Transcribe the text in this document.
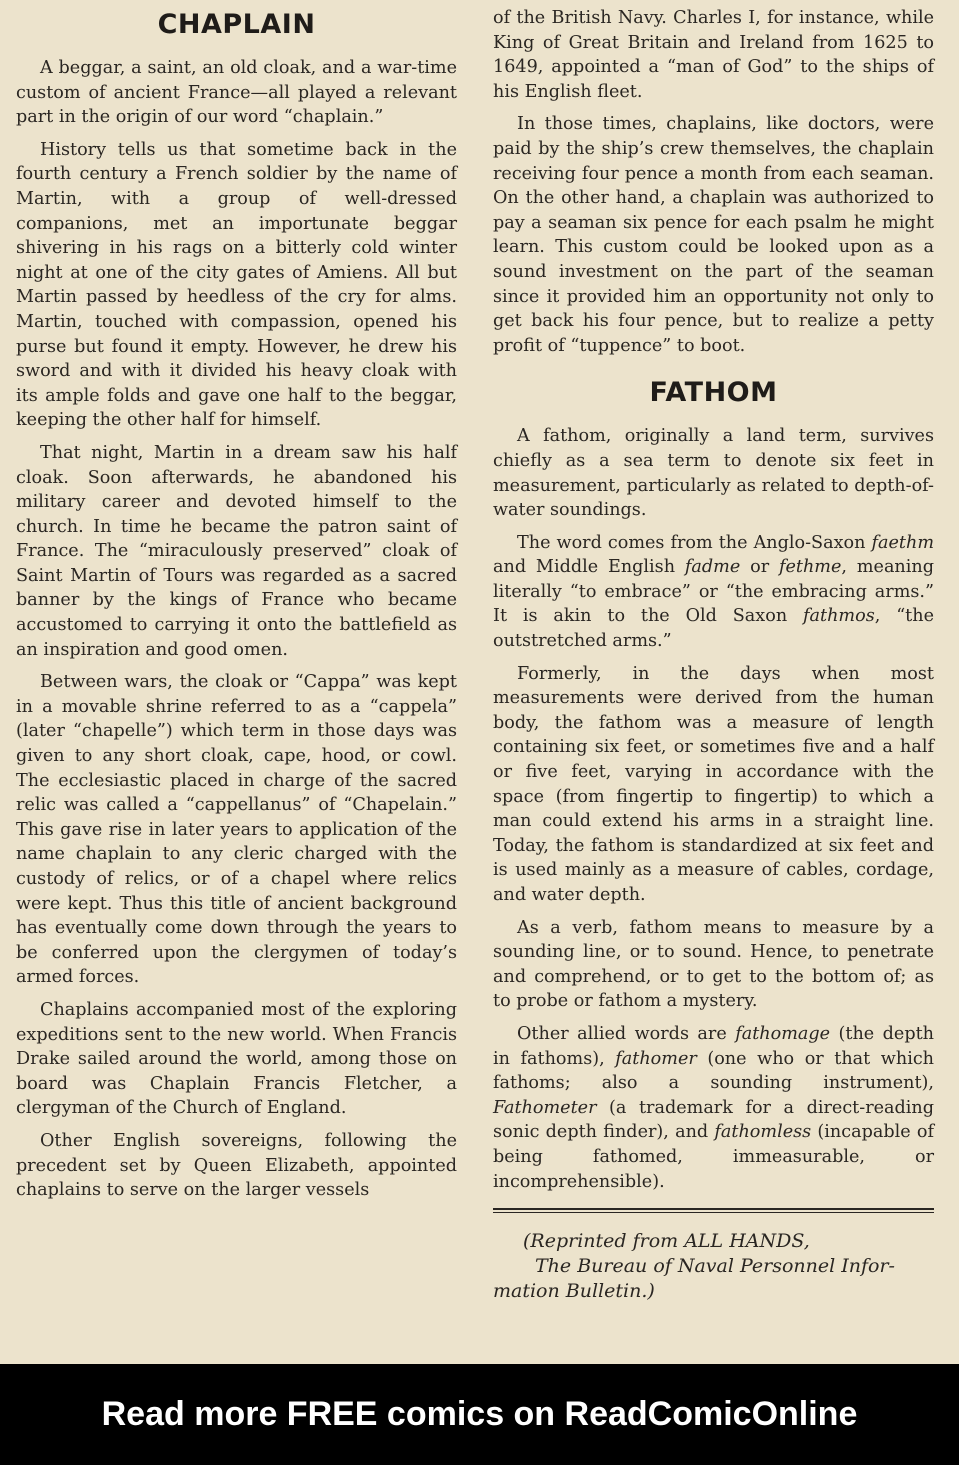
CHAPLAIN

A beggar, a saint, an old cloak, and a war-time custom of ancient France—all played a relevant part in the origin of our word “chaplain.”

History tells us that sometime back in the fourth century a French soldier by the name of Martin, with a group of well-dressed companions, met an importunate beggar shivering in his rags on a bitterly cold winter night at one of the city gates of Amiens. All but Martin passed by heedless of the cry for alms. Martin, touched with compassion, opened his purse but found it empty. However, he drew his sword and with it divided his heavy cloak with its ample folds and gave one half to the beggar, keeping the other half for himself.

That night, Martin in a dream saw his half cloak. Soon afterwards, he abandoned his military career and devoted himself to the church. In time he became the patron saint of France. The “miraculously preserved” cloak of Saint Martin of Tours was regarded as a sacred banner by the kings of France who became accustomed to carrying it onto the battlefield as an inspiration and good omen.

Between wars, the cloak or “Cappa” was kept in a movable shrine referred to as a “cappela” (later “chapelle”) which term in those days was given to any short cloak, cape, hood, or cowl. The ecclesiastic placed in charge of the sacred relic was called a “cappellanus” of “Chapelain.” This gave rise in later years to application of the name chaplain to any cleric charged with the custody of relics, or of a chapel where relics were kept. Thus this title of ancient background has eventually come down through the years to be conferred upon the clergymen of today’s armed forces.

Chaplains accompanied most of the exploring expeditions sent to the new world. When Francis Drake sailed around the world, among those on board was Chaplain Francis Fletcher, a clergyman of the Church of England.

Other English sovereigns, following the precedent set by Queen Elizabeth, appointed chaplains to serve on the larger vessels

of the British Navy. Charles I, for instance, while King of Great Britain and Ireland from 1625 to 1649, appointed a “man of God” to the ships of his English fleet.

In those times, chaplains, like doctors, were paid by the ship’s crew themselves, the chaplain receiving four pence a month from each seaman. On the other hand, a chaplain was authorized to pay a seaman six pence for each psalm he might learn. This custom could be looked upon as a sound investment on the part of the seaman since it provided him an opportunity not only to get back his four pence, but to realize a petty profit of “tuppence” to boot.

FATHOM

A fathom, originally a land term, survives chiefly as a sea term to denote six feet in measurement, particularly as related to depth-of-water soundings.

The word comes from the Anglo-Saxon faethm and Middle English fadme or fethme, meaning literally “to embrace” or “the embracing arms.” It is akin to the Old Saxon fathmos, “the outstretched arms.”

Formerly, in the days when most measurements were derived from the human body, the fathom was a measure of length containing six feet, or sometimes five and a half or five feet, varying in accordance with the space (from fingertip to fingertip) to which a man could extend his arms in a straight line. Today, the fathom is standardized at six feet and is used mainly as a measure of cables, cordage, and water depth.

As a verb, fathom means to measure by a sounding line, or to sound. Hence, to penetrate and comprehend, or to get to the bottom of; as to probe or fathom a mystery.

Other allied words are fathomage (the depth in fathoms), fathomer (one who or that which fathoms; also a sounding instrument), Fathometer (a trademark for a direct-reading sonic depth finder), and fathomless (incapable of being fathomed, immeasurable, or incomprehensible).

(Reprinted from ALL HANDS,
The Bureau of Naval Personnel Infor-
mation Bulletin.)
Read more FREE comics on ReadComicOnline
